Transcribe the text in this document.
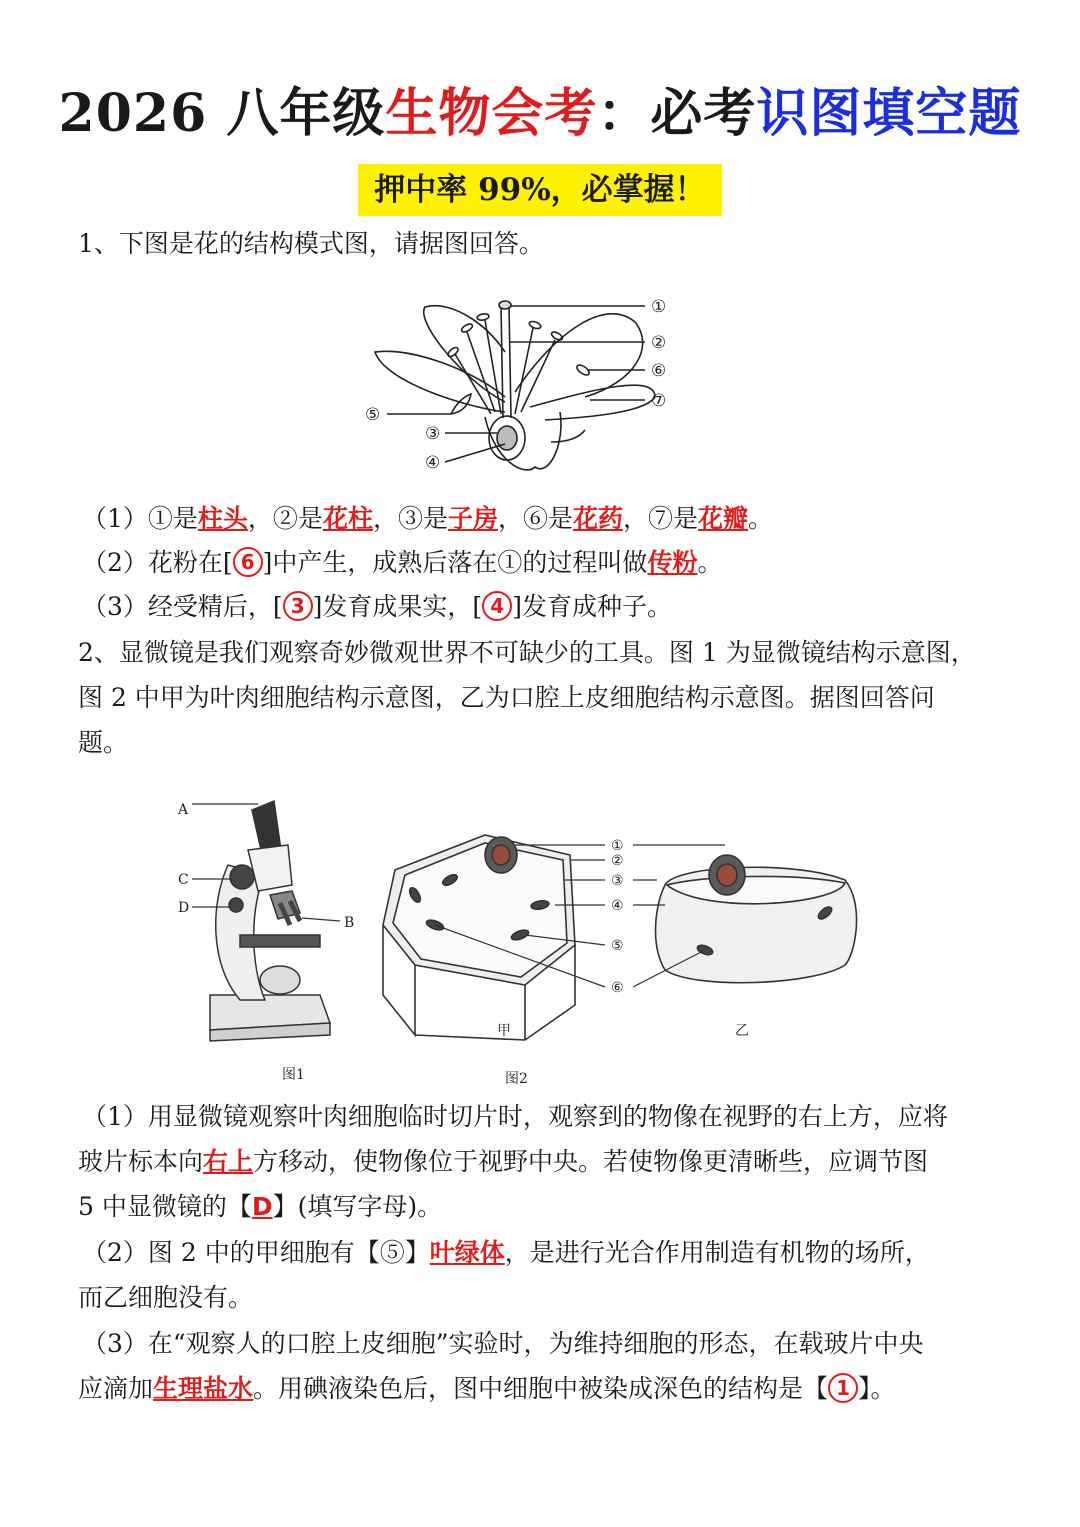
2026 八年级生物会考：必考识图填空题
押中率 99%，必掌握！
1、下图是花的结构模式图，请据图回答。
①
②
⑥
⑦
⑤
③
④
（1）①是柱头，②是花柱，③是子房，⑥是花药，⑦是花瓣。
（2）花粉在[ 6 ]中产生，成熟后落在①的过程叫做传粉。
（3）经受精后，[ 3 ]发育成果实，[ 4 ]发育成种子。
2、显微镜是我们观察奇妙微观世界不可缺少的工具。图 1 为显微镜结构示意图，
图 2 中甲为叶肉细胞结构示意图，乙为口腔上皮细胞结构示意图。据图回答问
题。
A
C
D
B
图1
①
②
③
④
⑤
⑥
甲	乙
图2
（1）用显微镜观察叶肉细胞临时切片时，观察到的物像在视野的右上方，应将
玻片标本向右上方移动，使物像位于视野中央。若使物像更清晰些，应调节图
5 中显微镜的【D】(填写字母)。
（2）图 2 中的甲细胞有【⑤】叶绿体，是进行光合作用制造有机物的场所，
而乙细胞没有。
（3）在“观察人的口腔上皮细胞”实验时，为维持细胞的形态，在载玻片中央
应滴加生理盐水。用碘液染色后，图中细胞中被染成深色的结构是【 1 】。
